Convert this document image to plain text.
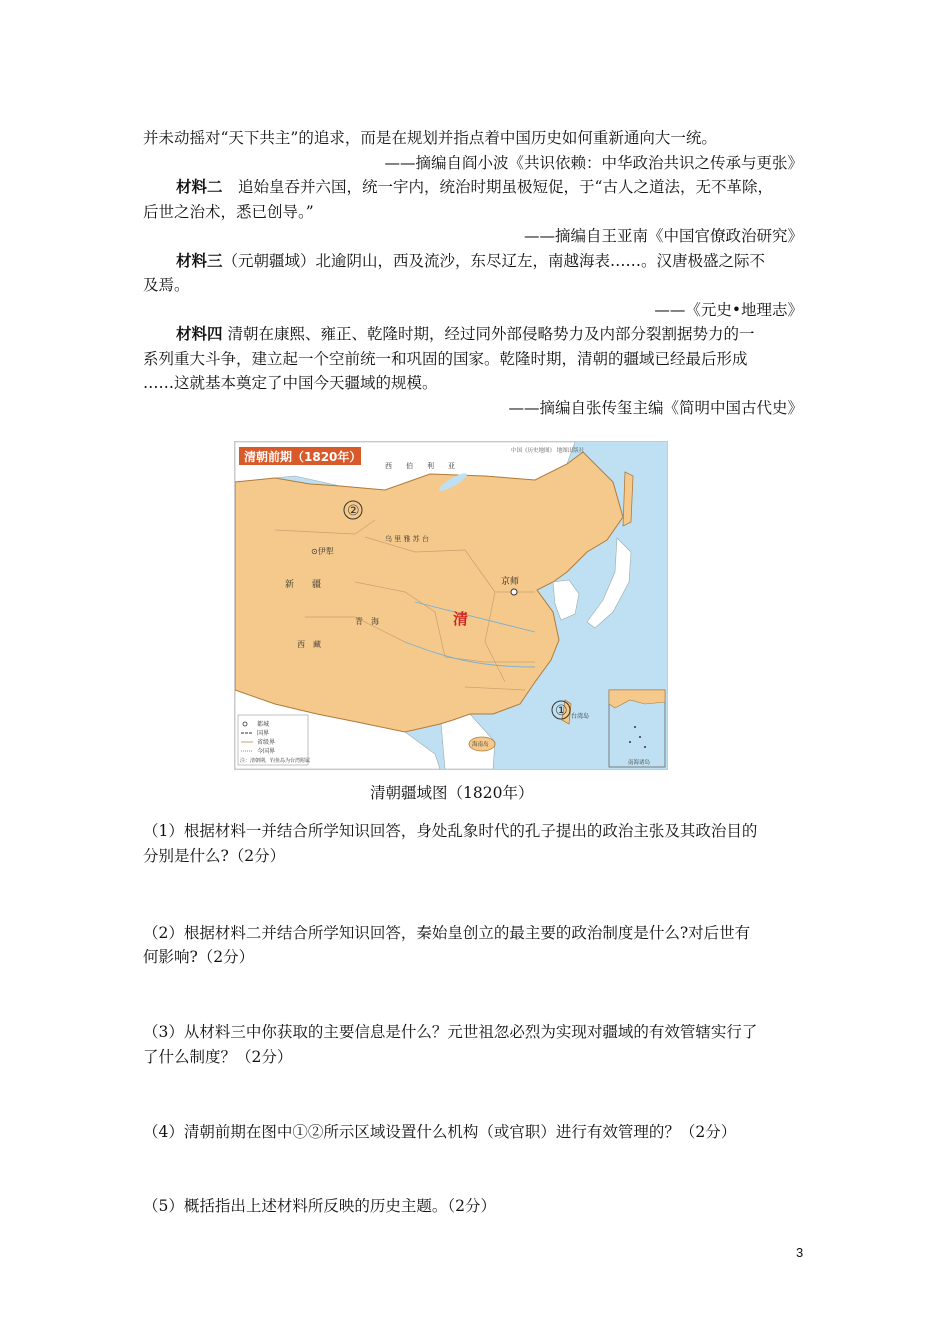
并未动摇对“天下共主”的追求，而是在规划并指点着中国历史如何重新通向大一统。
——摘编自阎小波《共识依赖：中华政治共识之传承与更张》
材料二　追始皇吞并六国，统一宇内，统治时期虽极短促，于“古人之道法，无不革除，
后世之治术，悉已创导。”
——摘编自王亚南《中国官僚政治研究》
材料三（元朝疆域）北逾阴山，西及流沙，东尽辽左，南越海表……。汉唐极盛之际不
及焉。
——《元史•地理志》
材料四 清朝在康熙、雍正、乾隆时期，经过同外部侵略势力及内部分裂割据势力的一
系列重大斗争，建立起一个空前统一和巩固的国家。乾隆时期，清朝的疆域已经最后形成
……这就基本奠定了中国今天疆域的规模。
——摘编自张传玺主编《简明中国古代史》
清朝前期（1820年）	中国《历史地图》 地图出版社
西　　伯　　利　　亚
②
乌 里 雅 苏 台
⊙伊犁
新　　疆	京师
清
青　海
西　藏
① 台湾岛
海南岛
都城
国界
省级界
今国界
注：清朝期，钓鱼岛为台湾附属	南海诸岛
清朝疆域图（1820年）
（1）根据材料一并结合所学知识回答，身处乱象时代的孔子提出的政治主张及其政治目的
分别是什么?（2分）
（2）根据材料二并结合所学知识回答，秦始皇创立的最主要的政治制度是什么?对后世有
何影响?（2分）
（3）从材料三中你获取的主要信息是什么？元世祖忽必烈为实现对疆域的有效管辖实行了
了什么制度？（2分）
（4）清朝前期在图中①②所示区域设置什么机构（或官职）进行有效管理的？（2分）
（5）概括指出上述材料所反映的历史主题。（2分）
3
